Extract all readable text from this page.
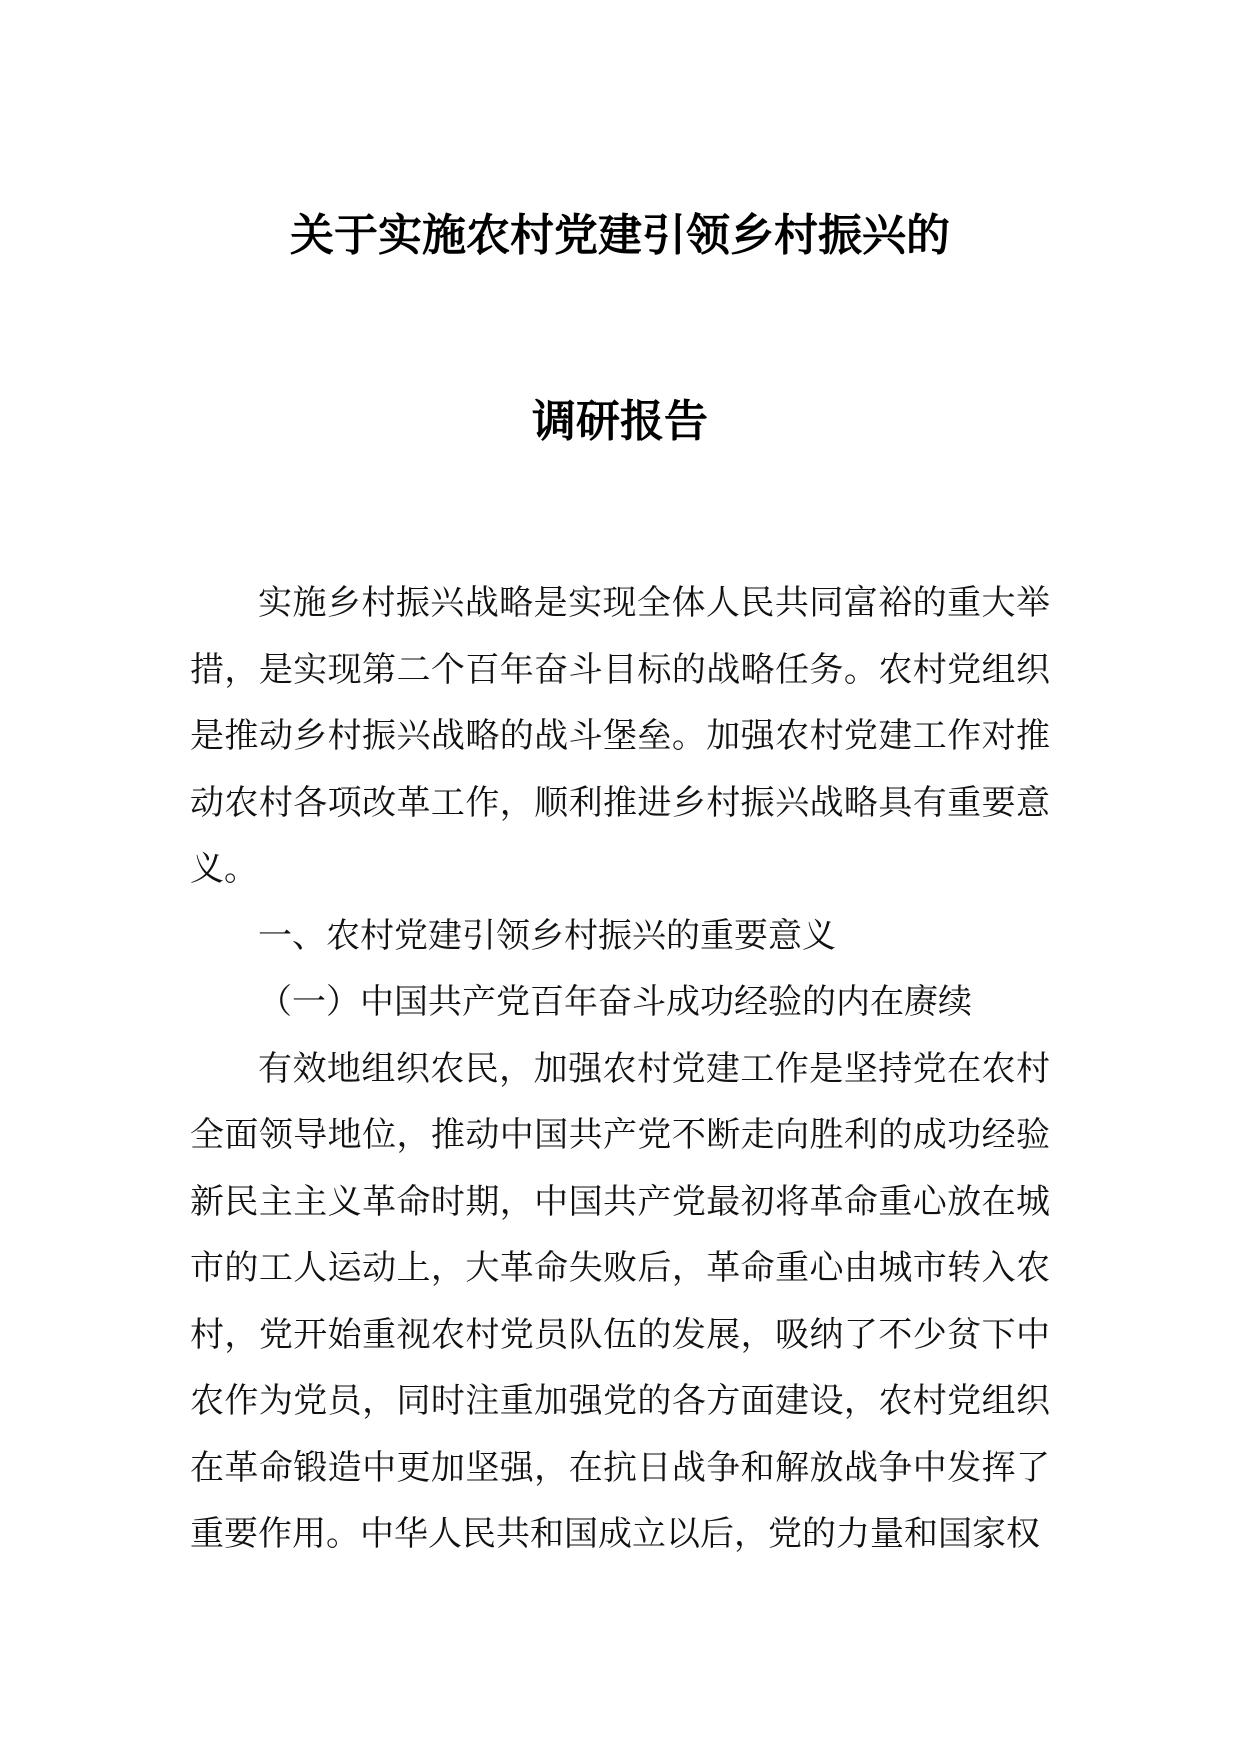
关于实施农村党建引领乡村振兴的
调研报告

实施乡村振兴战略是实现全体人民共同富裕的重大举措，是实现第二个百年奋斗目标的战略任务。农村党组织是推动乡村振兴战略的战斗堡垒。加强农村党建工作对推动农村各项改革工作，顺利推进乡村振兴战略具有重要意义。

一、农村党建引领乡村振兴的重要意义

（一）中国共产党百年奋斗成功经验的内在赓续

有效地组织农民，加强农村党建工作是坚持党在农村全面领导地位，推动中国共产党不断走向胜利的成功经验新民主主义革命时期，中国共产党最初将革命重心放在城市的工人运动上，大革命失败后，革命重心由城市转入农村，党开始重视农村党员队伍的发展，吸纳了不少贫下中农作为党员，同时注重加强党的各方面建设，农村党组织在革命锻造中更加坚强，在抗日战争和解放战争中发挥了重要作用。中华人民共和国成立以后，党的力量和国家权
